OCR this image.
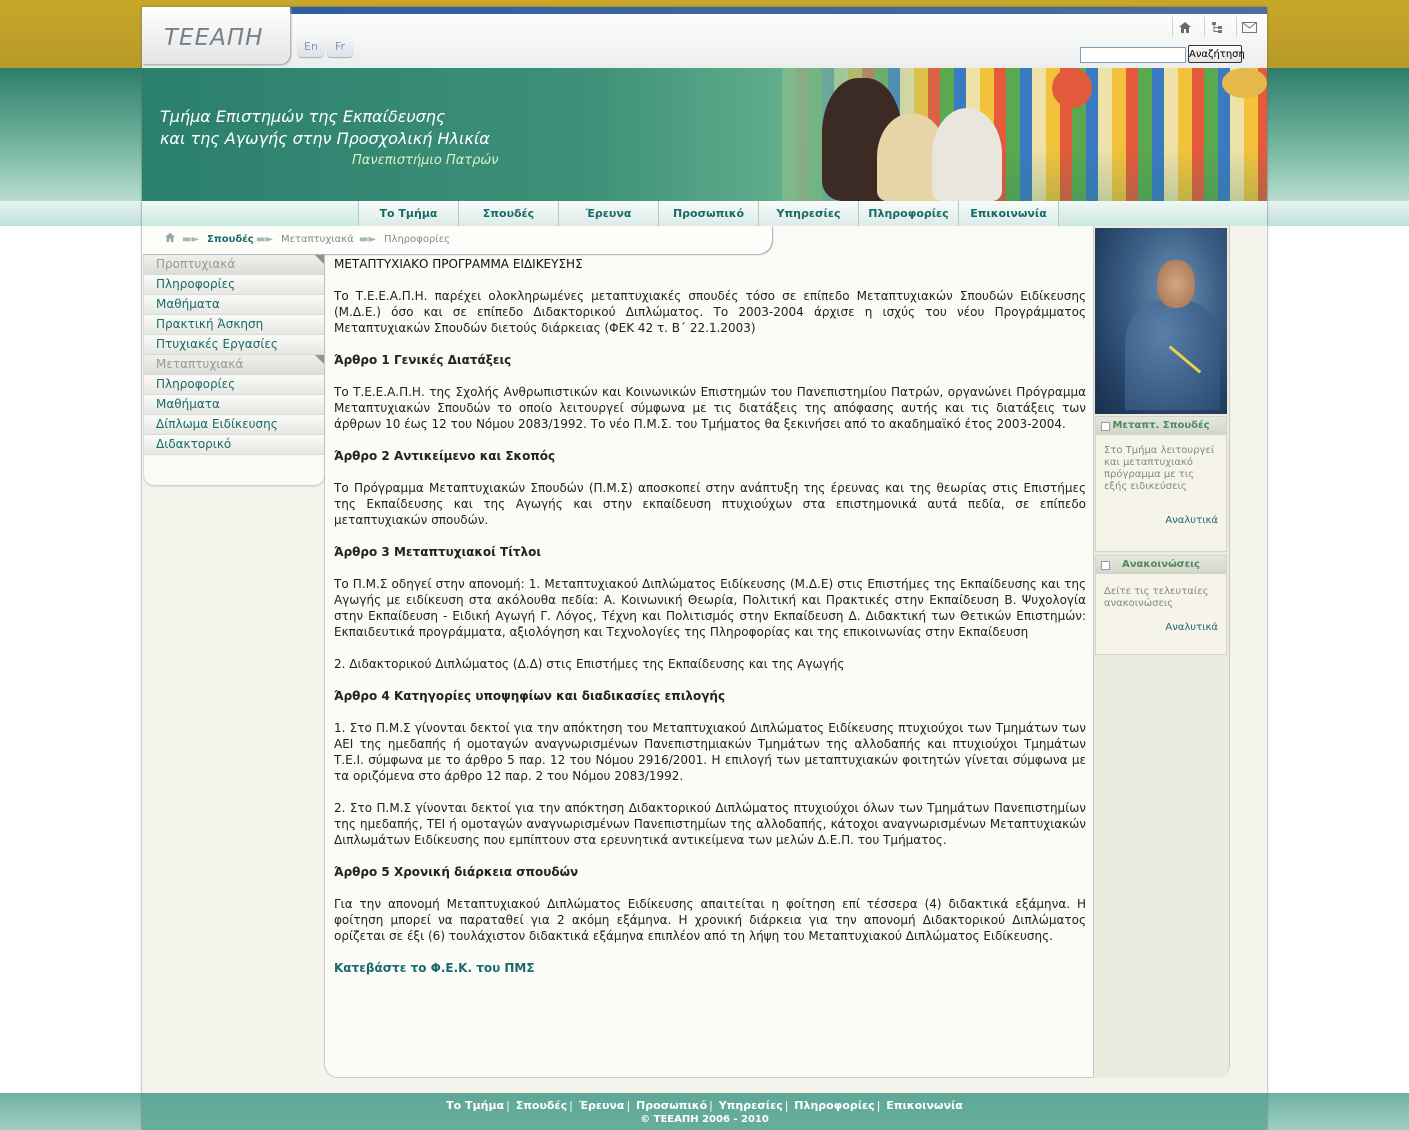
ΤΕΕΑΠΗ	En	Fr
Αναζήτηση
Τμήμα Επιστημών της Εκπαίδευσης
και της Αγωγής στην Προσχολική Ηλικία
Πανεπιστήμιο Πατρών
Το Τμήμα	Σπουδές	Έρευνα	Προσωπικό	Υπηρεσίες	Πληροφορίες	Επικοινωνία
ΜΕΤΑΠΤΥΧΙΑΚΟ ΠΡΟΓΡΑΜΜΑ ΕΙΔΙΚΕΥΣΗΣ

Το Τ.Ε.Ε.Α.Π.Η. παρέχει ολοκληρωμένες μεταπτυχιακές σπουδές τόσο σε επίπεδο Μεταπτυχιακών Σπουδών Ειδίκευσης (Μ.Δ.Ε.) όσο και σε επίπεδο Διδακτορικού Διπλώματος. Το 2003-2004 άρχισε η ισχύς του νέου Προγράμματος Μεταπτυχιακών Σπουδών διετούς διάρκειας (ΦΕΚ 42 τ. Β΄ 22.1.2003)

Άρθρο 1 Γενικές Διατάξεις

Το Τ.Ε.Ε.Α.Π.Η. της Σχολής Ανθρωπιστικών και Κοινωνικών Επιστημών του Πανεπιστημίου Πατρών, οργανώνει Πρόγραμμα Μεταπτυχιακών Σπουδών το οποίο λειτουργεί σύμφωνα με τις διατάξεις της απόφασης αυτής και τις διατάξεις των άρθρων 10 έως 12 του Νόμου 2083/1992. Το νέο Π.Μ.Σ. του Τμήματος θα ξεκινήσει από το ακαδημαϊκό έτος 2003-2004.

Άρθρο 2 Αντικείμενο και Σκοπός

Το Πρόγραμμα Μεταπτυχιακών Σπουδών (Π.Μ.Σ) αποσκοπεί στην ανάπτυξη της έρευνας και της θεωρίας στις Επιστήμες της Εκπαίδευσης και της Αγωγής και στην εκπαίδευση πτυχιούχων στα επιστημονικά αυτά πεδία, σε επίπεδο μεταπτυχιακών σπουδών.

Άρθρο 3 Μεταπτυχιακοί Τίτλοι

Το Π.Μ.Σ οδηγεί στην απονομή: 1. Μεταπτυχιακού Διπλώματος Ειδίκευσης (Μ.Δ.Ε) στις Επιστήμες της Εκπαίδευσης και της Αγωγής με ειδίκευση στα ακόλουθα πεδία: Α. Κοινωνική Θεωρία, Πολιτική και Πρακτικές στην Εκπαίδευση Β. Ψυχολογία στην Εκπαίδευση - Ειδική Αγωγή Γ. Λόγος, Τέχνη και Πολιτισμός στην Εκπαίδευση Δ. Διδακτική των Θετικών Επιστημών: Εκπαιδευτικά προγράμματα, αξιολόγηση και Τεχνολογίες της Πληροφορίας και της επικοινωνίας στην Εκπαίδευση

2. Διδακτορικού Διπλώματος (Δ.Δ) στις Επιστήμες της Εκπαίδευσης και της Αγωγής

Άρθρο 4 Κατηγορίες υποψηφίων και διαδικασίες επιλογής

1. Στο Π.Μ.Σ γίνονται δεκτοί για την απόκτηση του Μεταπτυχιακού Διπλώματος Ειδίκευσης πτυχιούχοι των Τμημάτων των ΑΕΙ της ημεδαπής ή ομοταγών αναγνωρισμένων Πανεπιστημιακών Τμημάτων της αλλοδαπής και πτυχιούχοι Τμημάτων Τ.Ε.Ι. σύμφωνα με το άρθρο 5 παρ. 12 του Νόμου 2916/2001. Η επιλογή των μεταπτυχιακών φοιτητών γίνεται σύμφωνα με τα οριζόμενα στο άρθρο 12 παρ. 2 του Νόμου 2083/1992.

2. Στο Π.Μ.Σ γίνονται δεκτοί για την απόκτηση Διδακτορικού Διπλώματος πτυχιούχοι όλων των Τμημάτων Πανεπιστημίων της ημεδαπής, ΤΕΙ ή ομοταγών αναγνωρισμένων Πανεπιστημίων της αλλοδαπής, κάτοχοι αναγνωρισμένων Μεταπτυχιακών Διπλωμάτων Ειδίκευσης που εμπίπτουν στα ερευνητικά αντικείμενα των μελών Δ.Ε.Π. του Τμήματος.

Άρθρο 5 Χρονική διάρκεια σπουδών

Για την απονομή Μεταπτυχιακού Διπλώματος Ειδίκευσης απαιτείται η φοίτηση επί τέσσερα (4) διδακτικά εξάμηνα. Η φοίτηση μπορεί να παραταθεί για 2 ακόμη εξάμηνα. Η χρονική διάρκεια για την απονομή Διδακτορικού Διπλώματος ορίζεται σε έξι (6) τουλάχιστον διδακτικά εξάμηνα επιπλέον από τη λήψη του Μεταπτυχιακού Διπλώματος Ειδίκευσης.

Κατεβάστε το Φ.Ε.Κ. του ΠΜΣ
▬► Σπουδές ▬► Μεταπτυχιακά ▬► Πληροφορίες
Προπτυχιακά
Πληροφορίες
Μαθήματα
Πρακτική Άσκηση
Πτυχιακές Εργασίες
Μεταπτυχιακά
Πληροφορίες
Μαθήματα
Δίπλωμα Ειδίκευσης
Διδακτορικό
Μεταπτ. Σπουδές
Στο Τμήμα λειτουργεί και μεταπτυχιακό πρόγραμμα με τις εξής ειδικεύσεις
Αναλυτικά
Ανακοινώσεις
Δείτε τις τελευταίες ανακοινώσεις
Αναλυτικά
Το Τμήμα | Σπουδές | Έρευνα | Προσωπικό | Υπηρεσίες | Πληροφορίες | Επικοινωνία
© ΤΕΕΑΠΗ 2006 - 2010
